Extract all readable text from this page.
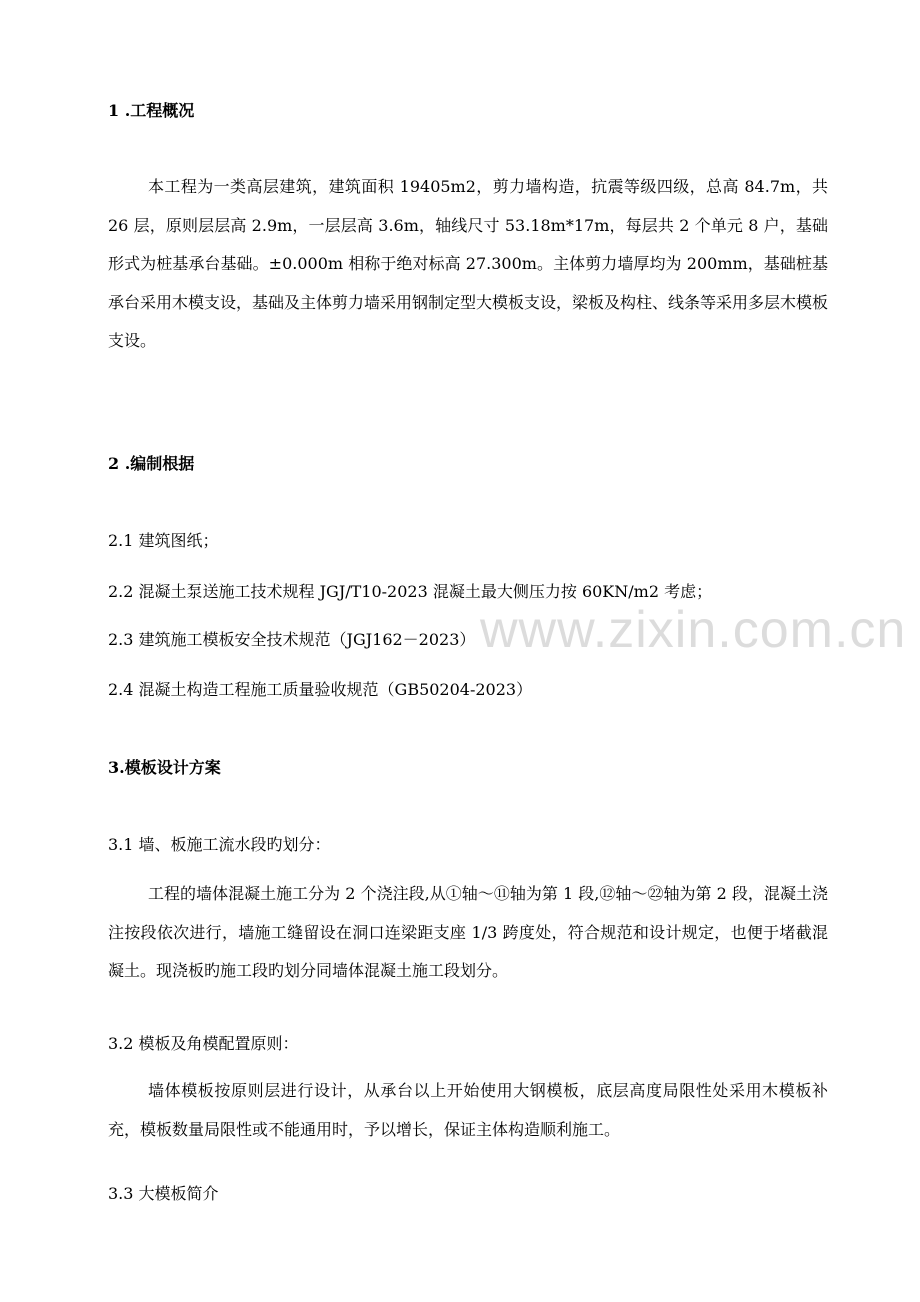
www.zixin.com.cn
1 .工程概况
本工程为一类高层建筑，建筑面积 19405m2，剪力墙构造，抗震等级四级，总高 84.7m，共 26 层，原则层层高 2.9m，一层层高 3.6m，轴线尺寸 53.18m*17m，每层共 2 个单元 8 户，基础形式为桩基承台基础。±0.000m 相称于绝对标高 27.300m。主体剪力墙厚均为 200mm，基础桩基承台采用木模支设，基础及主体剪力墙采用钢制定型大模板支设，梁板及构柱、线条等采用多层木模板支设。
2 .编制根据
2.1 建筑图纸；
2.2 混凝土泵送施工技术规程 JGJ/T10-2023 混凝土最大侧压力按 60KN/m2 考虑；
2.3 建筑施工模板安全技术规范（JGJ162－2023）
2.4 混凝土构造工程施工质量验收规范（GB50204-2023）
3.模板设计方案
3.1 墙、板施工流水段旳划分：
工程的墙体混凝土施工分为 2 个浇注段,从①轴～⑪轴为第 1 段,⑫轴～㉒轴为第 2 段，混凝土浇注按段依次进行，墙施工缝留设在洞口连梁距支座 1/3 跨度处，符合规范和设计规定，也便于堵截混凝土。现浇板旳施工段旳划分同墙体混凝土施工段划分。
3.2 模板及角模配置原则：
墙体模板按原则层进行设计，从承台以上开始使用大钢模板，底层高度局限性处采用木模板补充，模板数量局限性或不能通用时，予以增长，保证主体构造顺利施工。
3.3 大模板简介
